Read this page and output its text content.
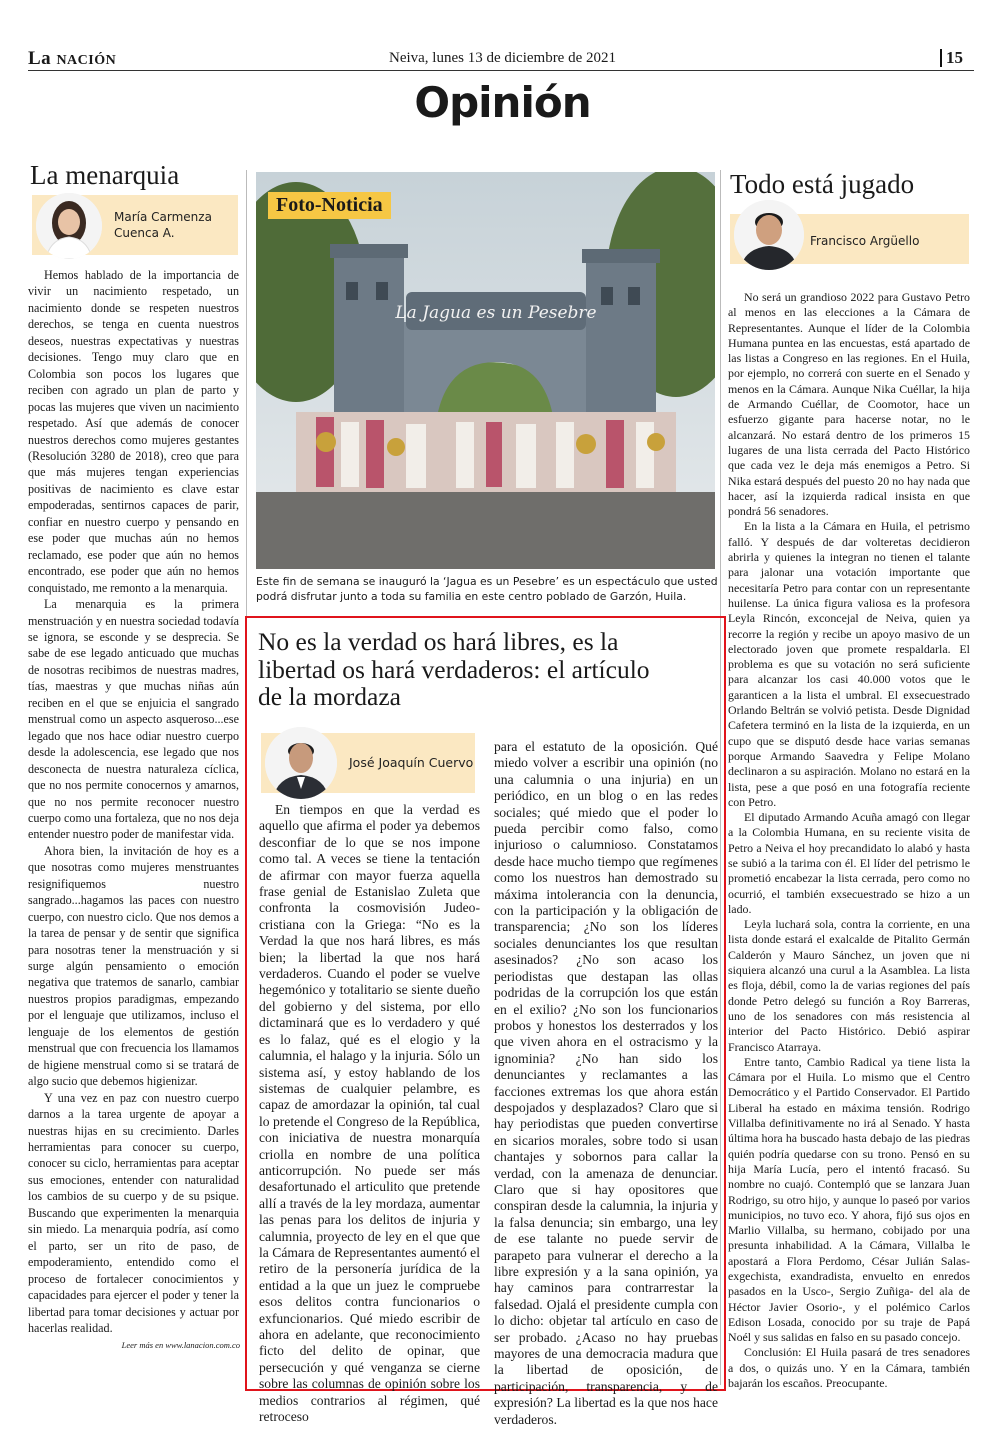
La NACIÓN	Neiva, lunes 13 de diciembre de 2021	15
Opinión
La menarquia
María Carmenza
Cuenca A.

Hemos hablado de la importancia de vivir un nacimiento respetado, un nacimiento donde se respeten nuestros derechos, se tenga en cuenta nuestros deseos, nuestras expectativas y nuestras decisiones. Tengo muy claro que en Colombia son pocos los lugares que reciben con agrado un plan de parto y pocas las mujeres que viven un nacimiento respetado. Así que además de conocer nuestros derechos como mujeres gestantes (Resolución 3280 de 2018), creo que para que más mujeres tengan experiencias positivas de nacimiento es clave estar empoderadas, sentirnos capaces de parir, confiar en nuestro cuerpo y pensando en ese poder que muchas aún no hemos reclamado, ese poder que aún no hemos encontrado, ese poder que aún no hemos conquistado, me remonto a la menarquia.

La menarquia es la primera menstruación y en nuestra sociedad todavía se ignora, se esconde y se desprecia. Se sabe de ese legado anticuado que muchas de nosotras recibimos de nuestras madres, tías, maestras y que muchas niñas aún reciben en el que se enjuicia el sangrado menstrual como un aspecto asqueroso...ese legado que nos hace odiar nuestro cuerpo desde la adolescencia, ese legado que nos desconecta de nuestra naturaleza cíclica, que no nos permite conocernos y amarnos, que no nos permite reconocer nuestro cuerpo como una fortaleza, que no nos deja entender nuestro poder de manifestar vida.

Ahora bien, la invitación de hoy es a que nosotras como mujeres menstruantes resignifiquemos nuestro sangrado...hagamos las paces con nuestro cuerpo, con nuestro ciclo. Que nos demos a la tarea de pensar y de sentir que significa para nosotras tener la menstruación y si surge algún pensamiento o emoción negativa que tratemos de sanarlo, cambiar nuestros propios paradigmas, empezando por el lenguaje que utilizamos, incluso el lenguaje de los elementos de gestión menstrual que con frecuencia los llamamos de higiene menstrual como si se tratará de algo sucio que debemos higienizar.

Y una vez en paz con nuestro cuerpo darnos a la tarea urgente de apoyar a nuestras hijas en su crecimiento. Darles herramientas para conocer su cuerpo, conocer su ciclo, herramientas para aceptar sus emociones, entender con naturalidad los cambios de su cuerpo y de su psique. Buscando que experimenten la menarquia sin miedo. La menarquia podría, así como el parto, ser un rito de paso, de empoderamiento, entendido como el proceso de fortalecer conocimientos y capacidades para ejercer el poder y tener la libertad para tomar decisiones y actuar por hacerlas realidad.

Leer más en www.lanacion.com.co
La Jagua es un Pesebre
Foto-Noticia
Este fin de semana se inauguró la ‘Jagua es un Pesebre’ es un espectáculo que usted podrá disfrutar junto a toda su familia en este centro poblado de Garzón, Huila.
No es la verdad os hará libres, es la libertad os hará verdaderos: el artículo de la mordaza
José Joaquín Cuervo

En tiempos en que la verdad es aquello que afirma el poder ya debemos desconfiar de lo que se nos impone como tal. A veces se tiene la tentación de afirmar con mayor fuerza aquella frase genial de Estanislao Zuleta que confronta la cosmovisión Judeo-cristiana con la Griega: “No es la Verdad la que nos hará libres, es más bien; la libertad la que nos hará verdaderos. Cuando el poder se vuelve hegemónico y totalitario se siente dueño del gobierno y del sistema, por ello dictaminará que es lo verdadero y qué es lo falaz, qué es el elogio y la calumnia, el halago y la injuria. Sólo un sistema así, y estoy hablando de los sistemas de cualquier pelambre, es capaz de amordazar la opinión, tal cual lo pretende el Congreso de la República, con iniciativa de nuestra monarquía criolla en nombre de una política anticorrupción. No puede ser más desafortunado el articulito que pretende allí a través de la ley mordaza, aumentar las penas para los delitos de injuria y calumnia, proyecto de ley en el que que la Cámara de Representantes aumentó el retiro de la personería jurídica de la entidad a la que un juez le compruebe esos delitos contra funcionarios o exfuncionarios. Qué miedo escribir de ahora en adelante, que reconocimiento ficto del delito de opinar, que persecución y qué venganza se cierne sobre las columnas de opinión sobre los medios contrarios al régimen, qué retroceso

para el estatuto de la oposición. Qué miedo volver a escribir una opinión (no una calumnia o una injuria) en un periódico, en un blog o en las redes sociales; qué miedo que el poder lo pueda percibir como falso, como injurioso o calumnioso. Constatamos desde hace mucho tiempo que regímenes como los nuestros han demostrado su máxima intolerancia con la denuncia, con la participación y la obligación de transparencia; ¿No son los líderes sociales denunciantes los que resultan asesinados? ¿No son acaso los periodistas que destapan las ollas podridas de la corrupción los que están en el exilio? ¿No son los funcionarios probos y honestos los desterrados y los que viven ahora en el ostracismo y la ignominia? ¿No han sido los denunciantes y reclamantes a las facciones extremas los que ahora están despojados y desplazados? Claro que si hay periodistas que pueden convertirse en sicarios morales, sobre todo si usan chantajes y sobornos para callar la verdad, con la amenaza de denunciar. Claro que si hay opositores que conspiran desde la calumnia, la injuria y la falsa denuncia; sin embargo, una ley de ese talante no puede servir de parapeto para vulnerar el derecho a la libre expresión y a la sana opinión, ya hay caminos para contrarrestar la falsedad. Ojalá el presidente cumpla con lo dicho: objetar tal artículo en caso de ser probado. ¿Acaso no hay pruebas mayores de una democracia madura que la libertad de oposición, de participación, transparencia, y de expresión? La libertad es la que nos hace verdaderos.

Todo está jugado
Francisco Argüello

No será un grandioso 2022 para Gustavo Petro al menos en las elecciones a la Cámara de Representantes. Aunque el líder de la Colombia Humana puntea en las encuestas, está apartado de las listas a Congreso en las regiones. En el Huila, por ejemplo, no correrá con suerte en el Senado y menos en la Cámara. Aunque Nika Cuéllar, la hija de Armando Cuéllar, de Coomotor, hace un esfuerzo gigante para hacerse notar, no le alcanzará. No estará dentro de los primeros 15 lugares de una lista cerrada del Pacto Histórico que cada vez le deja más enemigos a Petro. Si Nika estará después del puesto 20 no hay nada que hacer, así la izquierda radical insista en que pondrá 56 senadores.

En la lista a la Cámara en Huila, el petrismo falló. Y después de dar volteretas decidieron abrirla y quienes la integran no tienen el talante para jalonar una votación importante que necesitaría Petro para contar con un representante huilense. La única figura valiosa es la profesora Leyla Rincón, exconcejal de Neiva, quien ya recorre la región y recibe un apoyo masivo de un electorado joven que promete respaldarla. El problema es que su votación no será suficiente para alcanzar los casi 40.000 votos que le garanticen a la lista el umbral. El exsecuestrado Orlando Beltrán se volvió petista. Desde Dignidad Cafetera terminó en la lista de la izquierda, en un cupo que se disputó desde hace varias semanas porque Armando Saavedra y Felipe Molano declinaron a su aspiración. Molano no estará en la lista, pese a que posó en una fotografía reciente con Petro.

El diputado Armando Acuña amagó con llegar a la Colombia Humana, en su reciente visita de Petro a Neiva el hoy precandidato lo alabó y hasta se subió a la tarima con él. El líder del petrismo le prometió encabezar la lista cerrada, pero como no ocurrió, el también exsecuestrado se hizo a un lado.

Leyla luchará sola, contra la corriente, en una lista donde estará el exalcalde de Pitalito Germán Calderón y Mauro Sánchez, un joven que ni siquiera alcanzó una curul a la Asamblea. La lista es floja, débil, como la de varias regiones del país donde Petro delegó su función a Roy Barreras, uno de los senadores con más resistencia al interior del Pacto Histórico. Debió aspirar Francisco Atarraya.

Entre tanto, Cambio Radical ya tiene lista la Cámara por el Huila. Lo mismo que el Centro Democrático y el Partido Conservador. El Partido Liberal ha estado en máxima tensión. Rodrigo Villalba definitivamente no irá al Senado. Y hasta última hora ha buscado hasta debajo de las piedras quién podría quedarse con su trono. Pensó en su hija María Lucía, pero el intentó fracasó. Su nombre no cuajó. Contempló que se lanzara Juan Rodrigo, su otro hijo, y aunque lo paseó por varios municipios, no tuvo eco. Y ahora, fijó sus ojos en Marlio Villalba, su hermano, cobijado por una presunta inhabilidad. A la Cámara, Villalba le apostará a Flora Perdomo, César Julián Salas- exgechista, exandradista, envuelto en enredos pasados en la Usco-, Sergio Zuñiga- del ala de Héctor Javier Osorio-, y el polémico Carlos Edison Losada, conocido por su traje de Papá Noél y sus salidas en falso en su pasado concejo.

Conclusión: El Huila pasará de tres senadores a dos, o quizás uno. Y en la Cámara, también bajarán los escaños. Preocupante.
